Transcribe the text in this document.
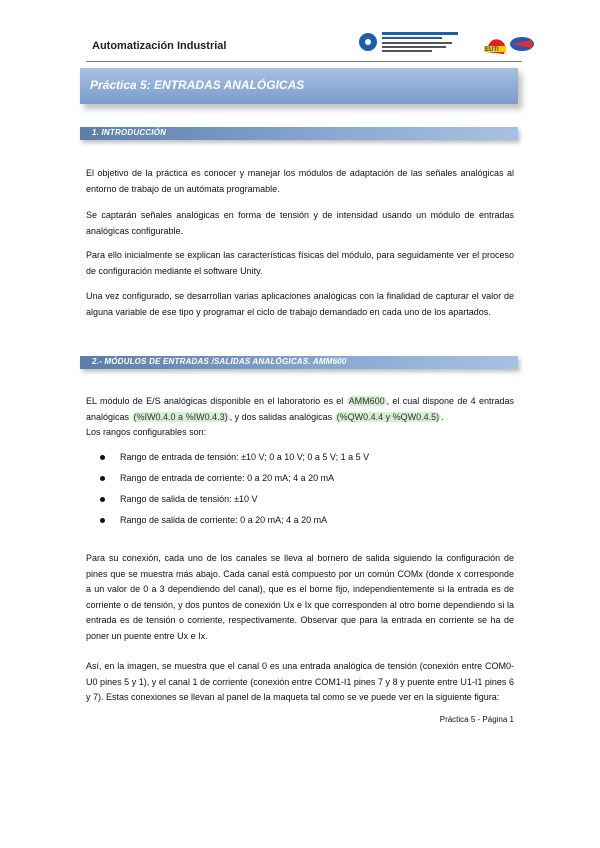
Automatización Industrial	EUTI
Práctica 5: ENTRADAS ANALÓGICAS
1. INTRODUCCIÓN
El objetivo de la práctica es conocer y manejar los módulos de adaptación de las señales analógicas al entorno de trabajo de un autómata programable.
Se captarán señales analógicas en forma de tensión y de intensidad usando un módulo de entradas analógicas configurable.
Para ello inicialmente se explican las características físicas del módulo, para seguidamente ver el proceso de configuración mediante el software Unity.
Una vez configurado, se desarrollan varias aplicaciones analógicas con la finalidad de capturar el valor de alguna variable de ese tipo y programar el ciclo de trabajo demandado en cada uno de los apartados.
2.- MÓDULOS DE ENTRADAS /SALIDAS ANALÓGICAS. AMM600
EL módulo de E/S analógicas disponible en el laboratorio es el AMM600 , el cual dispone de 4 entradas analógicas (%IW0.4.0 a %IW0.4.3) , y dos salidas analógicas (%QW0.4.4 y %QW0.4.5) .
Los rangos configurables son:
Rango de entrada de tensión: ±10 V; 0 a 10 V; 0 a 5 V; 1 a 5 V
Rango de entrada de corriente: 0 a 20 mA; 4 a 20 mA
Rango de salida de tensión: ±10 V
Rango de salida de corriente: 0 a 20 mA; 4 a 20 mA
Para su conexión, cada uno de los canales se lleva al bornero de salida siguiendo la configuración de pines que se muestra más abajo. Cada canal está compuesto por un común COMx (donde x corresponde a un valor de 0 a 3 dependiendo del canal), que es el borne fijo, independientemente si la entrada es de corriente o de tensión, y dos puntos de conexión Ux e Ix que corresponden al otro borne dependiendo si la entrada es de tensión o corriente, respectivamente. Observar que para la entrada en corriente se ha de poner un puente entre Ux e Ix.
Así, en la imagen, se muestra que el canal 0 es una entrada analógica de tensión (conexión entre COM0-U0 pines 5 y 1), y el canal 1 de corriente (conexión entre COM1-I1 pines 7 y 8 y puente entre U1-I1 pines 6 y 7). Estas conexiones se llevan al panel de la maqueta tal como se ve puede ver en la siguiente figura:
Práctica 5 - Página 1
